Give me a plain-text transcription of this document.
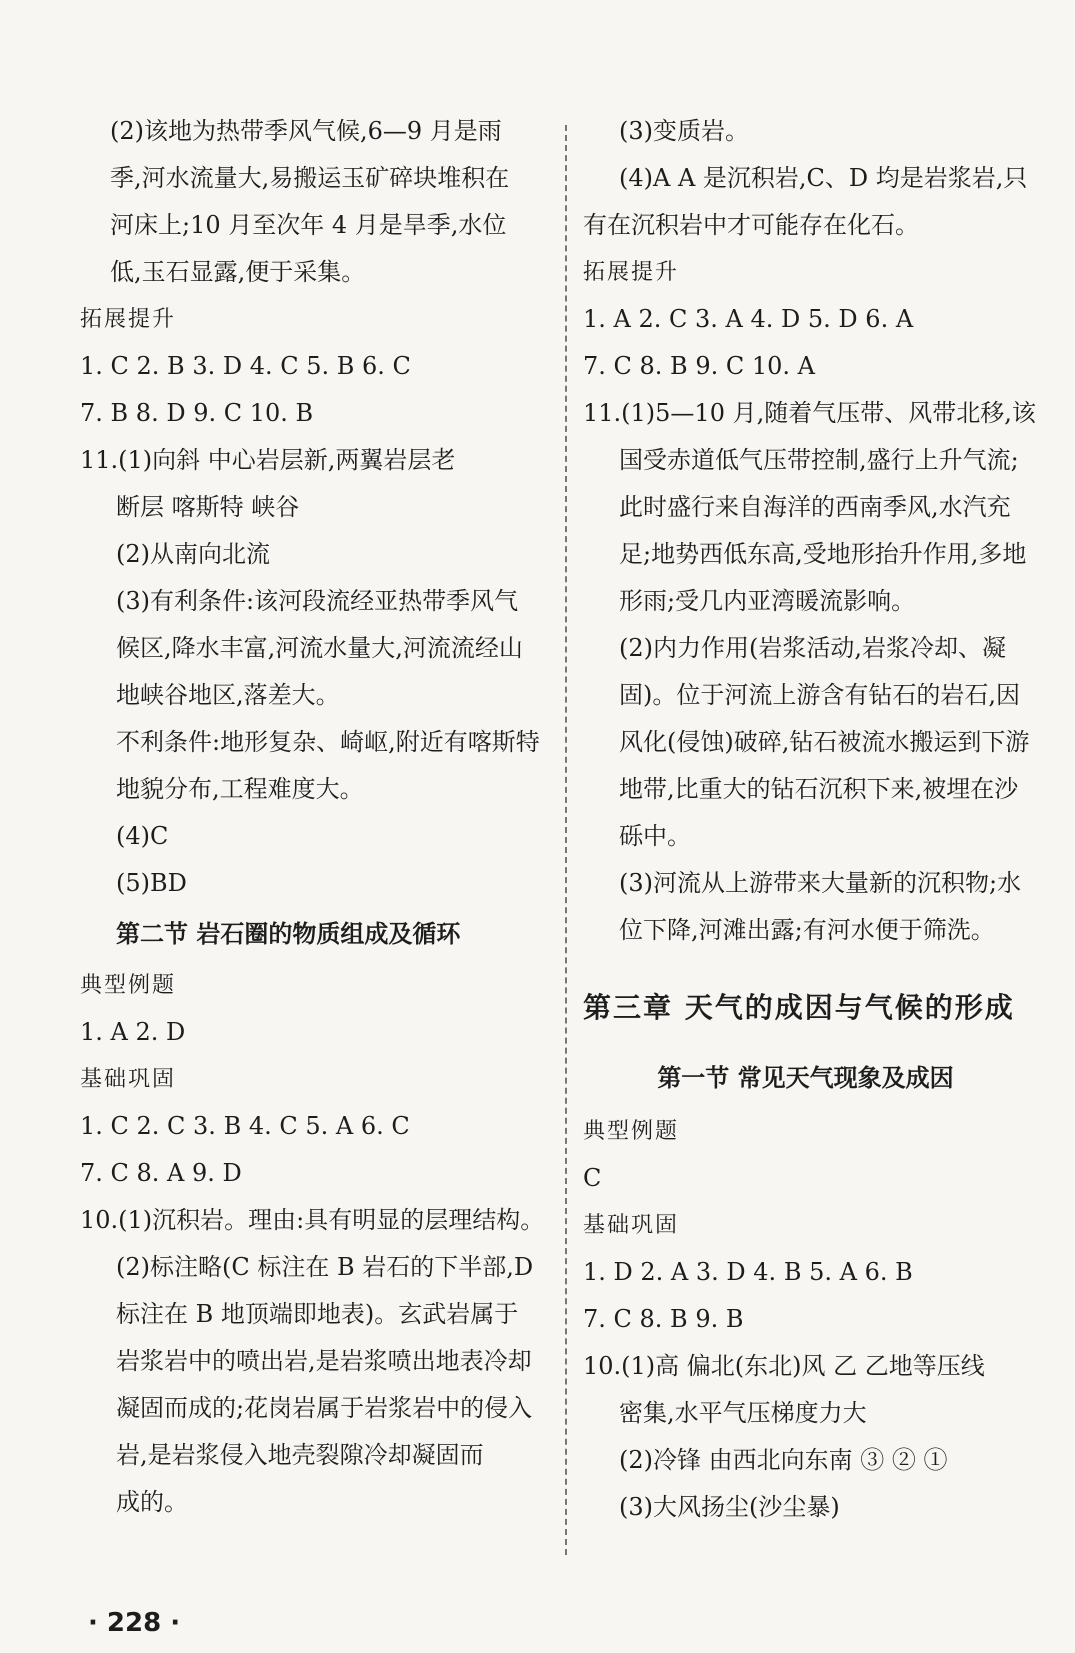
(2)该地为热带季风气候,6—9 月是雨
季,河水流量大,易搬运玉矿碎块堆积在
河床上;10 月至次年 4 月是旱季,水位
低,玉石显露,便于采集。
拓展提升
1. C 2. B 3. D 4. C 5. B 6. C
7. B 8. D 9. C 10. B
11.(1)向斜 中心岩层新,两翼岩层老
断层 喀斯特 峡谷
(2)从南向北流
(3)有利条件:该河段流经亚热带季风气
候区,降水丰富,河流水量大,河流流经山
地峡谷地区,落差大。
不利条件:地形复杂、崎岖,附近有喀斯特
地貌分布,工程难度大。
(4)C
(5)BD
第二节 岩石圈的物质组成及循环
典型例题
1. A 2. D
基础巩固
1. C 2. C 3. B 4. C 5. A 6. C
7. C 8. A 9. D
10.(1)沉积岩。理由:具有明显的层理结构。
(2)标注略(C 标注在 B 岩石的下半部,D
标注在 B 地顶端即地表)。玄武岩属于
岩浆岩中的喷出岩,是岩浆喷出地表冷却
凝固而成的;花岗岩属于岩浆岩中的侵入
岩,是岩浆侵入地壳裂隙冷却凝固而
成的。
(3)变质岩。
(4)A A 是沉积岩,C、D 均是岩浆岩,只
有在沉积岩中才可能存在化石。
拓展提升
1. A 2. C 3. A 4. D 5. D 6. A
7. C 8. B 9. C 10. A
11.(1)5—10 月,随着气压带、风带北移,该
国受赤道低气压带控制,盛行上升气流;
此时盛行来自海洋的西南季风,水汽充
足;地势西低东高,受地形抬升作用,多地
形雨;受几内亚湾暖流影响。
(2)内力作用(岩浆活动,岩浆冷却、凝
固)。位于河流上游含有钻石的岩石,因
风化(侵蚀)破碎,钻石被流水搬运到下游
地带,比重大的钻石沉积下来,被埋在沙
砾中。
(3)河流从上游带来大量新的沉积物;水
位下降,河滩出露;有河水便于筛洗。
第三章 天气的成因与气候的形成
第一节 常见天气现象及成因
典型例题
C
基础巩固
1. D 2. A 3. D 4. B 5. A 6. B
7. C 8. B 9. B
10.(1)高 偏北(东北)风 乙 乙地等压线
密集,水平气压梯度力大
(2)冷锋 由西北向东南 ③ ② ①
(3)大风扬尘(沙尘暴)
· 228 ·
